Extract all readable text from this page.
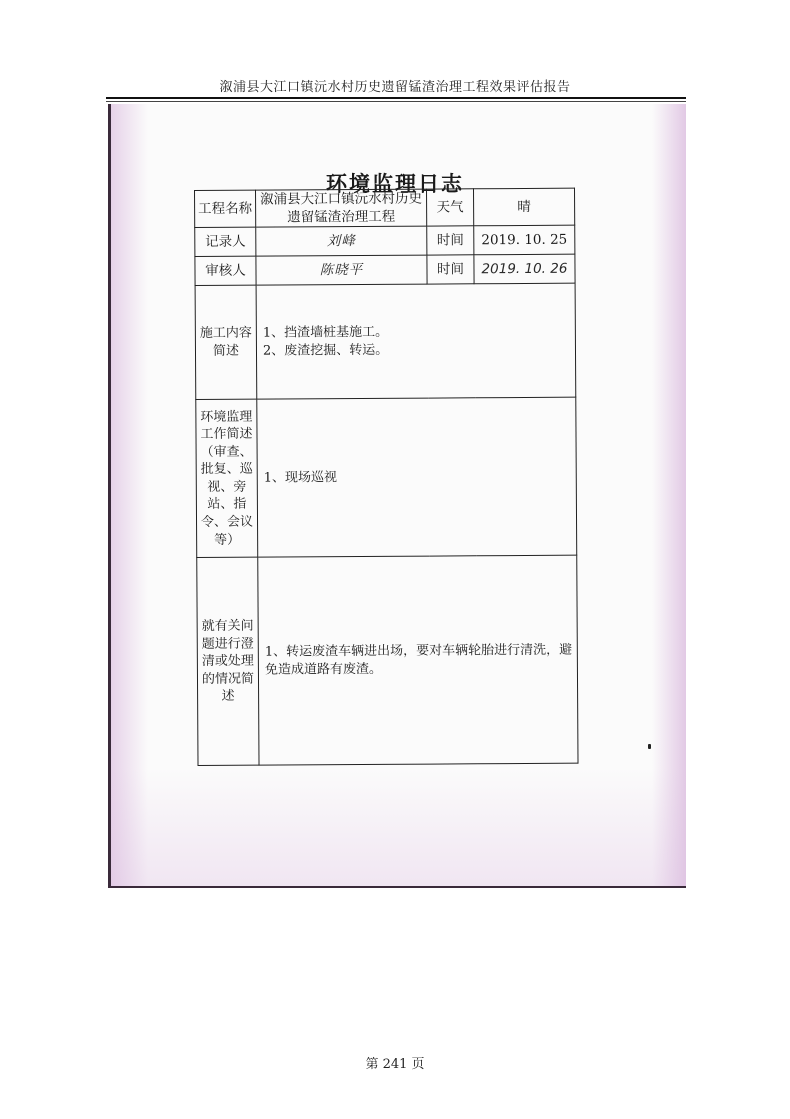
溆浦县大江口镇沅水村历史遗留锰渣治理工程效果评估报告
环境监理日志
工程名称	溆浦县大江口镇沅水村历史
遗留锰渣治理工程	天气	晴
记录人	刘峰	时间	2019. 10. 25
审核人	陈晓平	时间	2019. 10. 26
施工内容简述	1、挡渣墙桩基施工。
2、废渣挖掘、转运。		

环境监理工作简述（审查、批复、巡视、旁站、指令、会议等）	1、现场巡视		

就有关问题进行澄清或处理的情况简述	1、转运废渣车辆进出场，要对车辆轮胎进行清洗，避
免造成道路有废渣。		
第 241 页
